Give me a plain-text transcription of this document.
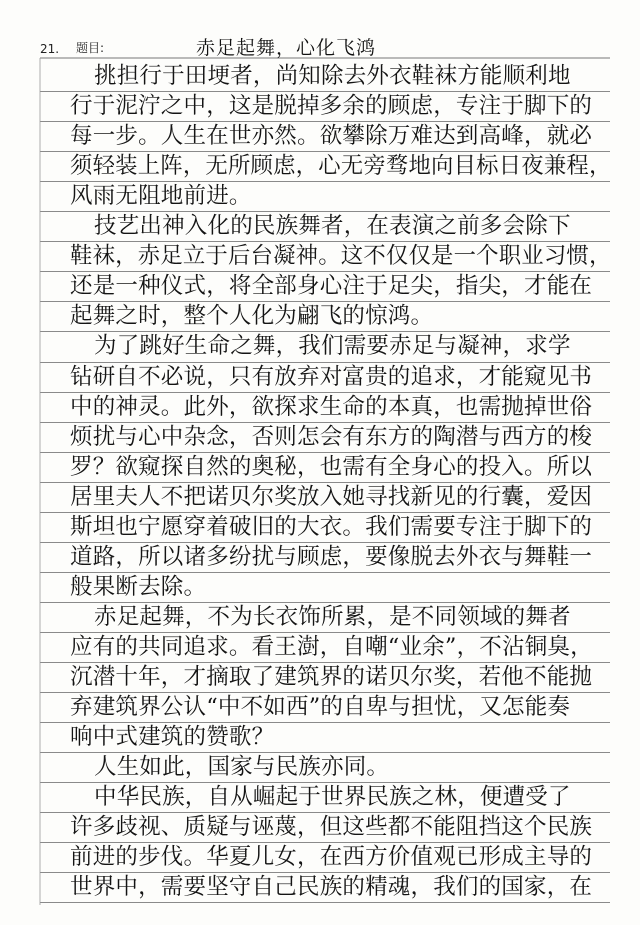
21.	题目:	赤足起舞，心化飞鸿
挑担行于田埂者，尚知除去外衣鞋袜方能顺利地
行于泥泞之中，这是脱掉多余的顾虑，专注于脚下的
每一步。人生在世亦然。欲攀除万难达到高峰，就必
须轻装上阵，无所顾虑，心无旁骛地向目标日夜兼程，
风雨无阻地前进。
技艺出神入化的民族舞者，在表演之前多会除下
鞋袜，赤足立于后台凝神。这不仅仅是一个职业习惯，
还是一种仪式，将全部身心注于足尖，指尖，才能在
起舞之时，整个人化为翩飞的惊鸿。
为了跳好生命之舞，我们需要赤足与凝神，求学
钻研自不必说，只有放弃对富贵的追求，才能窥见书
中的神灵。此外，欲探求生命的本真，也需抛掉世俗
烦扰与心中杂念，否则怎会有东方的陶潜与西方的梭
罗？欲窥探自然的奥秘，也需有全身心的投入。所以
居里夫人不把诺贝尔奖放入她寻找新见的行囊，爱因
斯坦也宁愿穿着破旧的大衣。我们需要专注于脚下的
道路，所以诸多纷扰与顾虑，要像脱去外衣与舞鞋一
般果断去除。
赤足起舞，不为长衣饰所累，是不同领域的舞者
应有的共同追求。看王澍，自嘲“业余”，不沾铜臭，
沉潜十年，才摘取了建筑界的诺贝尔奖，若他不能抛
弃建筑界公认“中不如西”的自卑与担忧，又怎能奏
响中式建筑的赞歌？
人生如此，国家与民族亦同。
中华民族，自从崛起于世界民族之林，便遭受了
许多歧视、质疑与诬蔑，但这些都不能阻挡这个民族
前进的步伐。华夏儿女，在西方价值观已形成主导的
世界中，需要坚守自己民族的精魂，我们的国家，在
